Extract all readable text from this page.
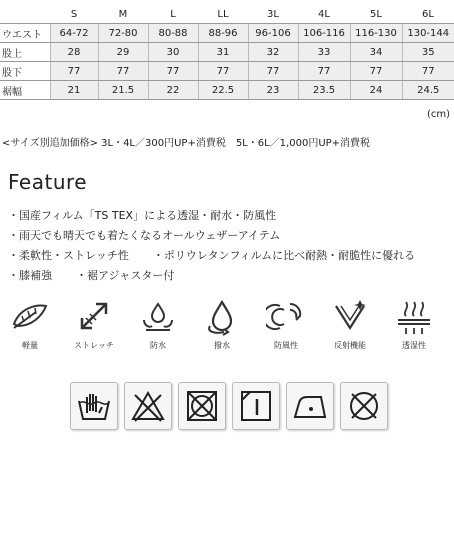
	S	M	L	LL	3L	4L	5L	6L
ウエスト	64-72	72-80	80-88	88-96	96-106	106-116	116-130	130-144
股上	28	29	30	31	32	33	34	35
股下	77	77	77	77	77	77	77	77
裾幅	21	21.5	22	22.5	23	23.5	24	24.5
(cm)
<サイズ別追加価格> 3L・4L／300円UP+消費税　5L・6L／1,000円UP+消費税
Feature
・国産フィルム「TS TEX」による透湿・耐水・防風性
・雨天でも晴天でも着たくなるオールウェザーアイテム
・柔軟性・ストレッチ性 ・ポリウレタンフィルムに比べ耐熱・耐脆性に優れる
・膝補強 ・裾アジャスター付
軽量	ストレッチ	防水	撥水	防風性	反射機能	透湿性
